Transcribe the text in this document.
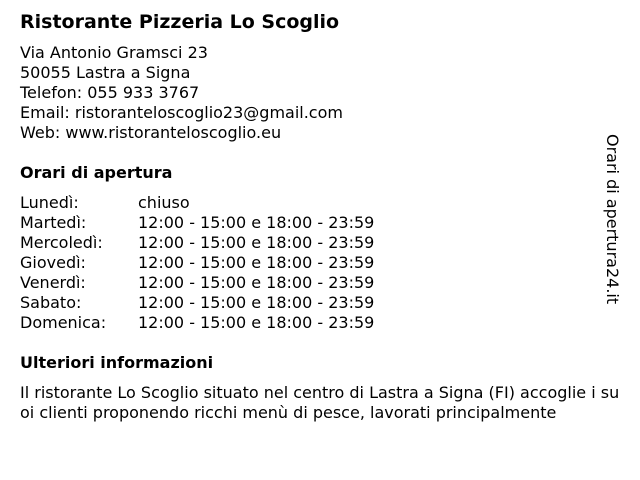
Ristorante Pizzeria Lo Scoglio
Via Antonio Gramsci 23
50055 Lastra a Signa
Telefon: 055 933 3767
Email: ristoranteloscoglio23@gmail.com
Web: www.ristoranteloscoglio.eu
Orari di apertura
Lunedì:	chiuso
Martedì:	12:00 - 15:00 e 18:00 - 23:59
Mercoledì:	12:00 - 15:00 e 18:00 - 23:59
Giovedì:	12:00 - 15:00 e 18:00 - 23:59
Venerdì:	12:00 - 15:00 e 18:00 - 23:59
Sabato:	12:00 - 15:00 e 18:00 - 23:59
Domenica:	12:00 - 15:00 e 18:00 - 23:59
Ulteriori informazioni
Il ristorante Lo Scoglio situato nel centro di Lastra a Signa (FI) accoglie i suoi clienti proponendo ricchi menù di pesce, lavorati principalmente
Orari di apertura24.it
